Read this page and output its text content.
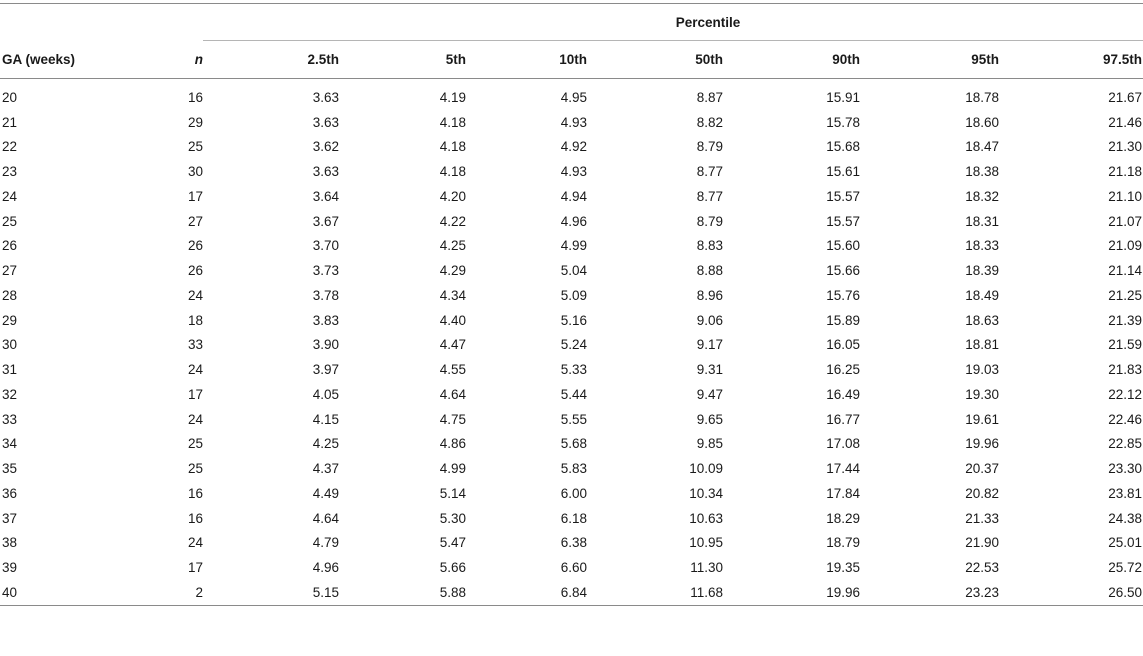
		Percentile						
GA (weeks)	n	2.5th	5th	10th	50th	90th	95th	97.5th
20	16	3.63	4.19	4.95	8.87	15.91	18.78	21.67
21	29	3.63	4.18	4.93	8.82	15.78	18.60	21.46
22	25	3.62	4.18	4.92	8.79	15.68	18.47	21.30
23	30	3.63	4.18	4.93	8.77	15.61	18.38	21.18
24	17	3.64	4.20	4.94	8.77	15.57	18.32	21.10
25	27	3.67	4.22	4.96	8.79	15.57	18.31	21.07
26	26	3.70	4.25	4.99	8.83	15.60	18.33	21.09
27	26	3.73	4.29	5.04	8.88	15.66	18.39	21.14
28	24	3.78	4.34	5.09	8.96	15.76	18.49	21.25
29	18	3.83	4.40	5.16	9.06	15.89	18.63	21.39
30	33	3.90	4.47	5.24	9.17	16.05	18.81	21.59
31	24	3.97	4.55	5.33	9.31	16.25	19.03	21.83
32	17	4.05	4.64	5.44	9.47	16.49	19.30	22.12
33	24	4.15	4.75	5.55	9.65	16.77	19.61	22.46
34	25	4.25	4.86	5.68	9.85	17.08	19.96	22.85
35	25	4.37	4.99	5.83	10.09	17.44	20.37	23.30
36	16	4.49	5.14	6.00	10.34	17.84	20.82	23.81
37	16	4.64	5.30	6.18	10.63	18.29	21.33	24.38
38	24	4.79	5.47	6.38	10.95	18.79	21.90	25.01
39	17	4.96	5.66	6.60	11.30	19.35	22.53	25.72
40	2	5.15	5.88	6.84	11.68	19.96	23.23	26.50
